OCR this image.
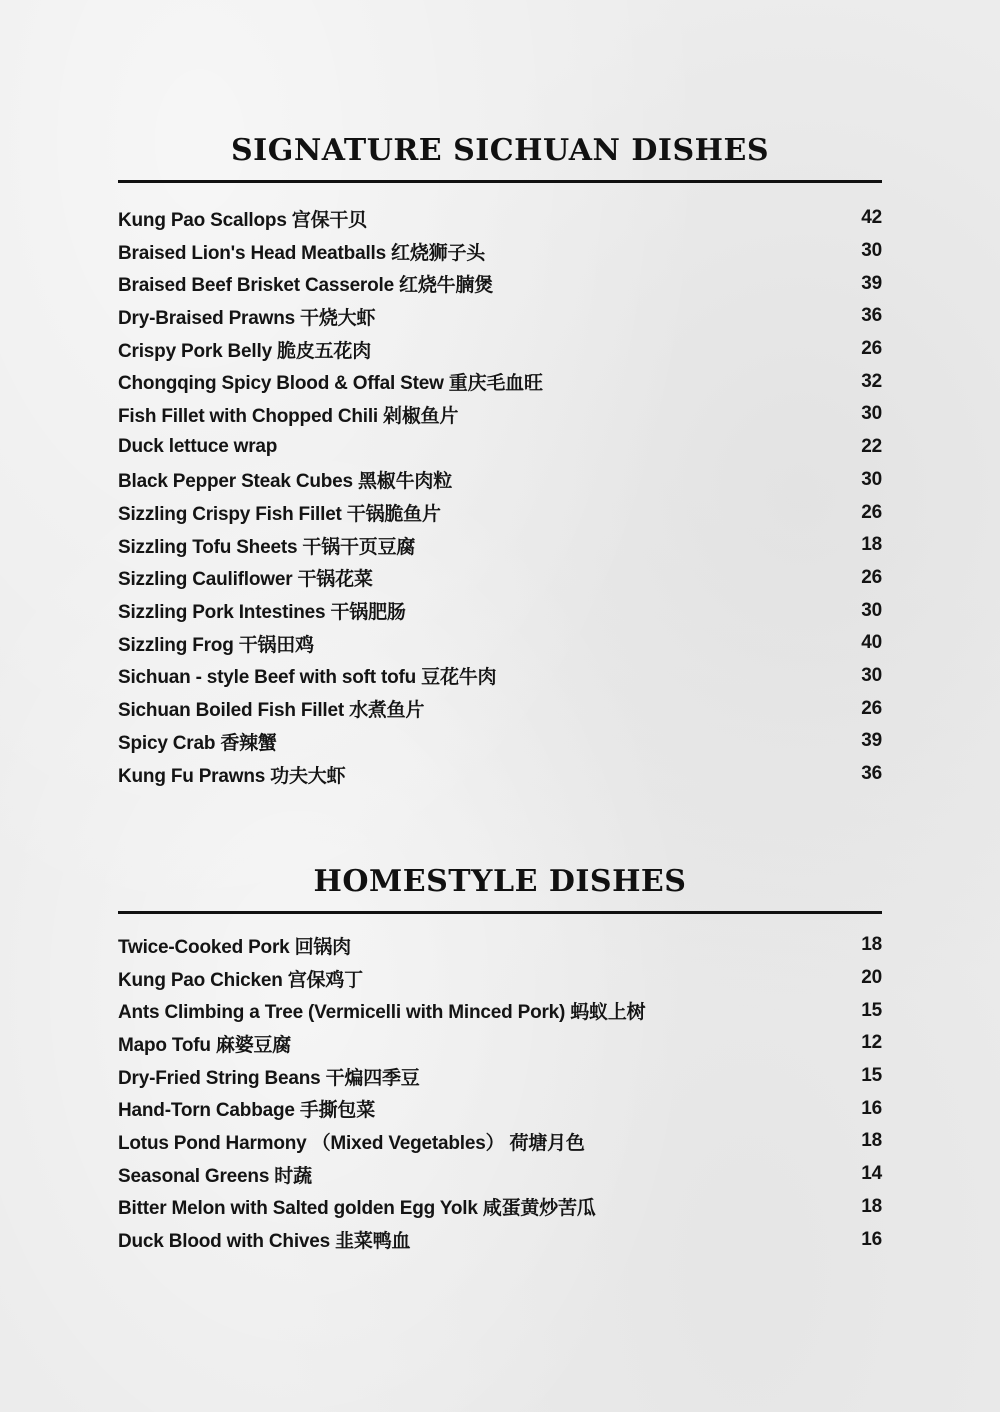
SIGNATURE SICHUAN DISHES
Kung Pao Scallops 宫保干贝	42
Braised Lion's Head Meatballs 红烧狮子头	30
Braised Beef Brisket Casserole 红烧牛腩煲	39
Dry-Braised Prawns 干烧大虾	36
Crispy Pork Belly 脆皮五花肉	26
Chongqing Spicy Blood & Offal Stew 重庆毛血旺	32
Fish Fillet with Chopped Chili 剁椒鱼片	30
Duck lettuce wrap	22
Black Pepper Steak Cubes 黑椒牛肉粒	30
Sizzling Crispy Fish Fillet 干锅脆鱼片	26
Sizzling Tofu Sheets 干锅干页豆腐	18
Sizzling Cauliflower 干锅花菜	26
Sizzling Pork Intestines 干锅肥肠	30
Sizzling Frog 干锅田鸡	40
Sichuan - style Beef with soft tofu 豆花牛肉	30
Sichuan Boiled Fish Fillet 水煮鱼片	26
Spicy Crab 香辣蟹	39
Kung Fu Prawns 功夫大虾	36
HOMESTYLE DISHES
Twice-Cooked Pork 回锅肉	18
Kung Pao Chicken 宫保鸡丁	20
Ants Climbing a Tree (Vermicelli with Minced Pork) 蚂蚁上树	15
Mapo Tofu 麻婆豆腐	12
Dry-Fried String Beans 干煸四季豆	15
Hand-Torn Cabbage 手撕包菜	16
Lotus Pond Harmony （Mixed Vegetables） 荷塘月色	18
Seasonal Greens 时蔬	14
Bitter Melon with Salted golden Egg Yolk 咸蛋黄炒苦瓜	18
Duck Blood with Chives 韭菜鸭血	16
